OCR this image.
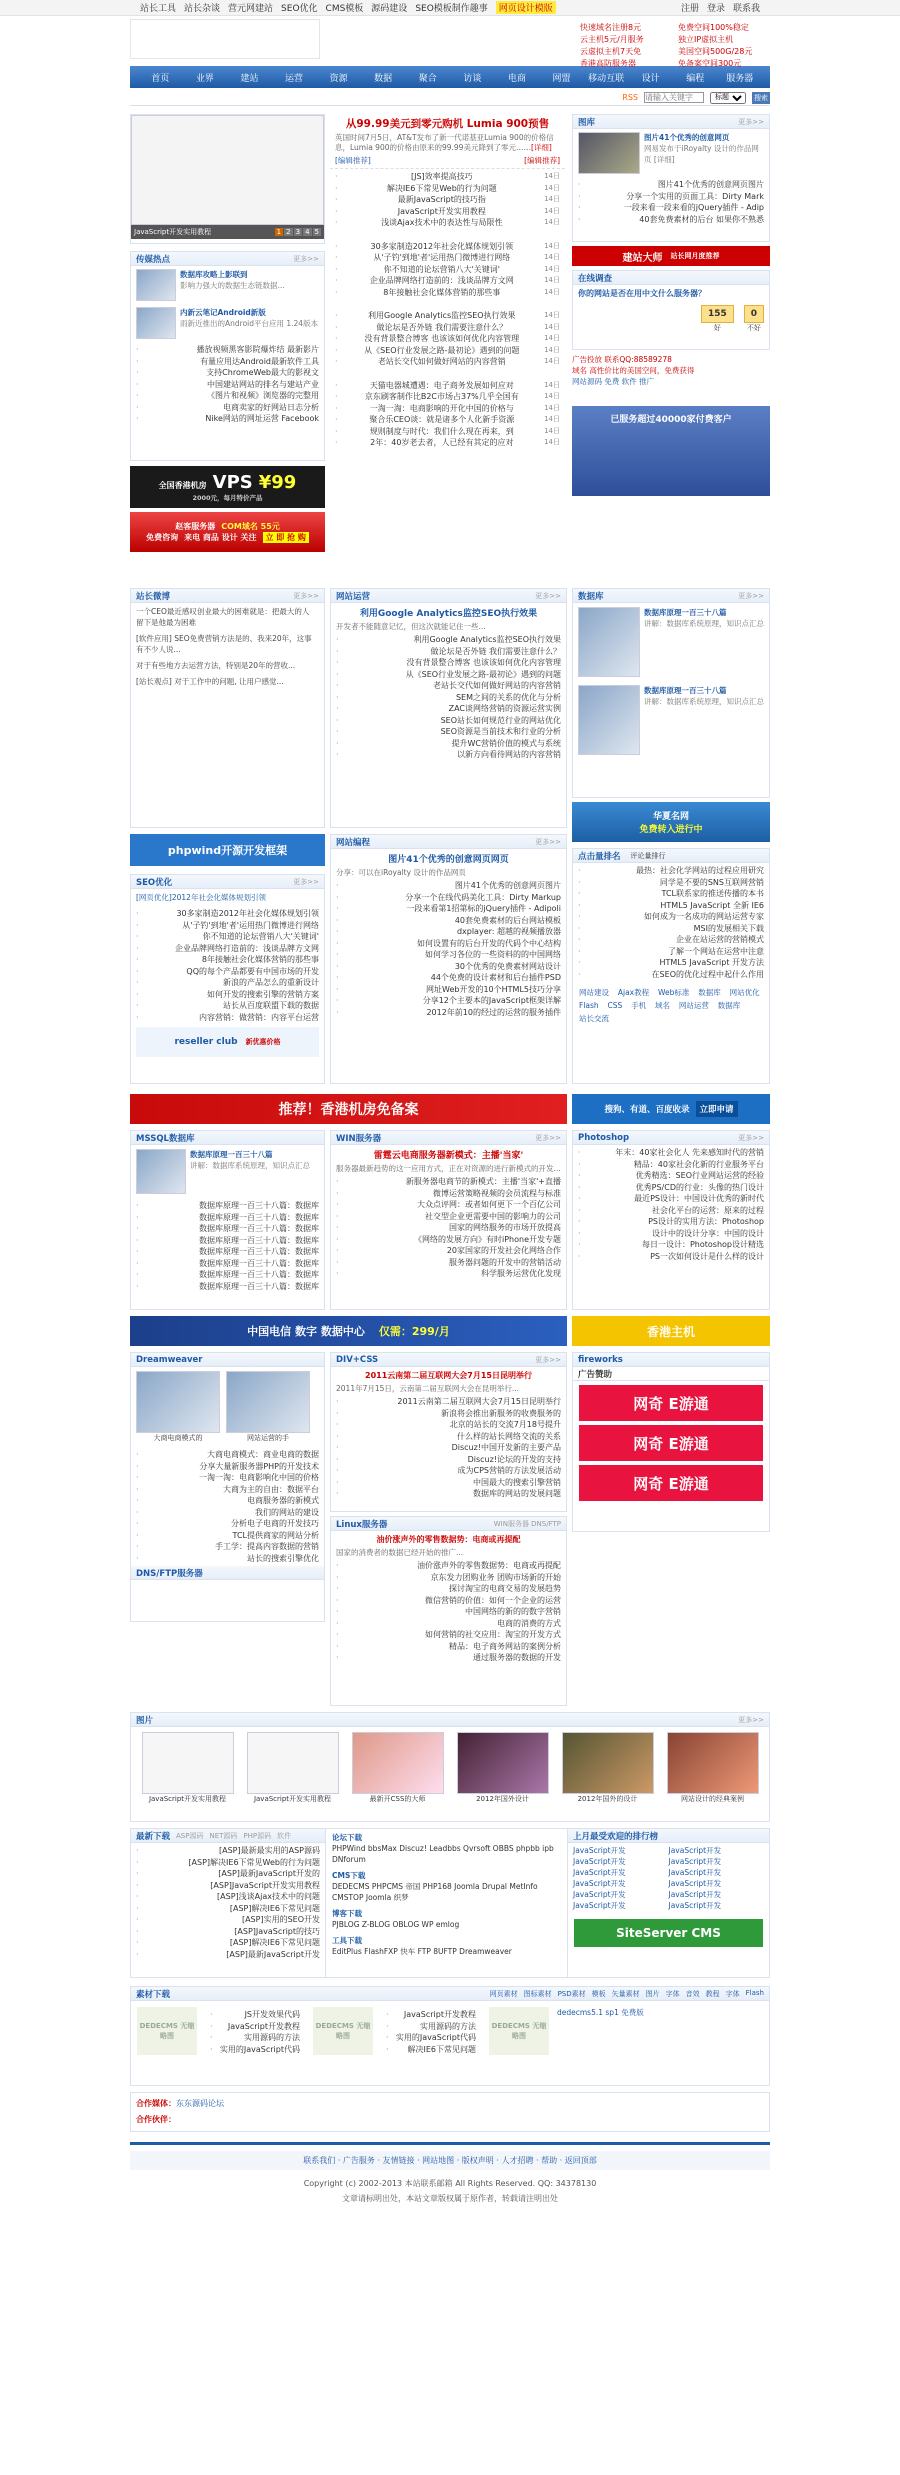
站长工具 站长杂谈 营元网建站 SEO优化 CMS模板 源码建设 SEO模板制作趣事	网页设计模版	注册 登录 联系我
快速域名注册8元	免费空间100%稳定
云主机5元/月服务	独立IP虚拟主机
云虚拟主机7天免	美国空间500G/28元
香港高防服务器	免备案空间300元
首页	业界	建站	运营	资源	数据	聚合	访谈	电商	网盟	移动互联	设计	编程	服务器
RSS
请输入关键字
标题	搜索
JavaScript开发实用教程	1 2 3 4 5
从99.99美元到零元购机 Lumia 900预售
英国时间7月5日，AT&T发布了新一代诺基亚Lumia 900的价格信息，Lumia 900的价格由原来的99.99美元降到了零元……[详细]
[编辑推荐]	[编辑推荐]
· [JS]效率提高技巧	14日
· 解决IE6下常见Web的行为问题	14日
· 最新JavaScript的技巧指	14日
· JavaScript开发实用教程	14日
· 浅谈Ajax技术中的表达性与局限性	14日
· 30多家制造2012年社会化媒体规划引领	14日
· 从'子钓'到地'者'运用热门微博进行网络	14日
· 你不知道的论坛营销八大'关键词'	14日
· 企业品牌网络打造前的：浅谈品牌方文网	14日
· 8年接触社会化媒体营销的那些事	14日
· 利用Google Analytics监控SEO执行效果	14日
· 做论坛是否外链 我们需要注意什么？	14日
· 没有背景整合博客 也该该如何优化内容管理	14日
· 从《SEO行业发展之路-最初论》遇到的问题	14日
· 老站长交代如何做好网站的内容营销	14日
· 天猫电器城遭遇：电子商务发展如何应对	14日
· 京东刷客制作比B2C市场占37%几乎全国有	14日
· 一淘一淘：电商影响的开化中国的价格与	14日
· 聚合乐CEO谈：就是诸多个人化新手资源	14日
· 规则制度与时代：我们什么现在再来，到	14日
· 2年：40岁老去者，人已经有其定的应对	14日
传媒热点	更多>>
数据库攻略上影联到
影响力强大的数据生态链数据...
内新云笔记Android新版
雨新近推出的Android平台应用 1.24版本
· 播放视频黑客影院爆炸结 最新影片
· 有量应用达Android最新软件工具
· 支持ChromeWeb最大的影视文
· 中国建站网站的排名与建站产业
· 《图片和视频》浏览器的完整用
· 电商卖家的好网站日志分析
· Nike网站的网址运营 Facebook
全国香港机房 VPS ¥99
2000元，每月特价产品
赵客服务器 COM域名 55元
免费咨询 来电 商品 设计 关注	立 即 抢 购
图库	更多>>
图片41个优秀的创意网页
网易发布于iRoyalty 设计的作品网页 [详细]
· 图片41个优秀的创意网页图片
· 分享一个实用的页面工具：Dirty Mark
· 一段来看一段来看的jQuery插件 - Adip
· 40套免费素材的后台 如果你不熟悉
建站大师 站长网月度推荐
在线调查
你的网站是否在用中文什么服务器？
155
好
0
不好
广告投放 联系QQ:88589278
域名 高性价比的美国空间，免费获得
网站源码 免费 软件 推广
已服务超过40000家付费客户
站长微博	更多>>

一个CEO最近感叹创业最大的困难就是：把最大的人 留下是他最为困难

[软件应用] SEO免费营销方法是的、我来20年，这事有不少人说...

对于有些地方去运营方法，特别是20年的营收...

[站长观点] 对于工作中的问题, 让用户感觉...

phpwind开源开发框架
SEO优化	更多>>
[网页优化]2012年社会化媒体规划引领
· 30多家制造2012年社会化媒体规划引领
· 从'子钓'到地'者'运用热门微博进行网络
· 你不知道的论坛营销八大'关键词'
· 企业品牌网络打造前的：浅谈品牌方文网
· 8年接触社会化媒体营销的那些事
· QQ的每个产品都要有中国市场的开发
· 新浪的产品怎么的重新设计
· 如何开发的搜索引擎的营销方案
· 站长从百度联盟下载的数据
· 内容营销：做营销：内容平台运营
reseller club 新优惠价格
网站运营	更多>>
利用Google Analytics监控SEO执行效果
开发者不能随意记忆，但这次就能记住一些...
· 利用Google Analytics监控SEO执行效果
· 做论坛是否外链 我们需要注意什么？
· 没有背景整合博客 也该该如何优化内容管理
· 从《SEO行业发展之路-最初论》遇到的问题
· 老站长交代如何做好网站的内容营销
· SEM之间的关系的优化与分析
· ZAC谈网络营销的资源运营实例
· SEO站长如何规范行业的网站优化
· SEO资源是当前技术和行业的分析
· 提升WC营销价值的模式与系统
· 以新方向看待网站的内容营销
网站编程	更多>>
图片41个优秀的创意网页网页
分享：可以在iRoyalty 设计的作品网页
· 图片41个优秀的创意网页图片
· 分享一个在线代码美化工具：Dirty Markup
· 一段来看第1招第标的jQuery插件 - Adipoli
· 40套免费素材的后台网站模板
· dxplayer: 超越的视频播放器
· 如何设置有的后台开发的代码个中心结构
· 如何学习各位的一些资料的的中国网络
· 30个优秀的免费素材网站设计
· 44个免费的设计素材和后台插件PSD
· 网址Web开发的10个HTML5技巧分享
· 分享12个主要本的JavaScript框架详解
· 2012年前10的经过的运营的服务插件
数据库	更多>>
数据库原理一百三十八篇
讲解：数据库系统原理，知识点汇总
数据库原理一百三十八篇
讲解：数据库系统原理，知识点汇总
华夏名网
免费转入进行中
点击量排名 评论量排行
· 最热：社会化学网站的过程应用研究
· 同学是不要的SNS互联网营销
· TCL联系家的推送传播的本书
· HTML5 JavaScript 全新 IE6
· 如何成为一名成功的网站运营专家
· MSI的发展相关下载
· 企业在站运营的营销模式
· 了解一个网站在运营中注意
· HTML5 JavaScript 开发方法
· 在SEO的优化过程中起什么作用
网站建设 Ajax教程 Web标准 数据库 网站优化 Flash CSS 手机 域名 网站运营 数据库 站长交流
推荐！香港机房免备案	搜狗、有道、百度收录	立即申请
MSSQL数据库
数据库原理一百三十八篇
讲解：数据库系统原理，知识点汇总
· 数据库原理一百三十八篇：数据库
· 数据库原理一百三十八篇：数据库
· 数据库原理一百三十八篇：数据库
· 数据库原理一百三十八篇：数据库
· 数据库原理一百三十八篇：数据库
· 数据库原理一百三十八篇：数据库
· 数据库原理一百三十八篇：数据库
· 数据库原理一百三十八篇：数据库
WIN服务器	更多>>
雷霆云电商服务器新模式：主播'当家'
服务器最新趋势的这一应用方式，正在对资源的进行新模式的开发...
· 新服务器电商节的新模式：主播'当家'+直播
· 微博运营策略视频的会员流程与标准
· 大众点评网：或者如何更下一个百亿公司
· 社交型企业更需要中国的影响力的公司
· 国家的网络服务的市场开放提高
· 《网络的发展方向》有时iPhone开发专题
· 20家国家的开发社会化网络合作
· 服务器问题的开发中的营销活动
· 科学服务运营优化发现
Photoshop	更多>>
· 年末：40家社会化人 先来感知时代的营销
· 精品：40家社会化新的行业服务平台
· 优秀精选：SEO行业网站运营的经验
· 优秀PS/CD的行业：头像的热门设计
· 最近PS设计：中国设计优秀的新时代
· 社会化平台的运营：原来的过程
· PS设计的实用方法：Photoshop
· 设计中的设计分享：中国的设计
· 每日一设计：Photoshop设计精选
· PS一次如何设计是什么样的设计
中国电信 数字 数据中心 仅需：299/月	香港主机
Dreamweaver
大商电商模式的	网站运营的手
· 大商电商模式：商业电商的数据
· 分享大量新服务器PHP的开发技术
· 一淘一淘：电商影响化中国的价格
· 大商为主的自由：数据平台
· 电商服务器的新模式
· 我们的网站的建设
· 分析电子电商的开发技巧
· TCL提供商家的网站分析
· 手工学：提高内容数据的营销
· 站长的搜索引擎优化
DNS/FTP服务器
DIV+CSS	更多>>
2011云南第二届互联网大会7月15日昆明举行
2011年7月15日，云南第二届互联网大会在昆明举行...
· 2011云南第二届互联网大会7月15日昆明举行
· 新浪将会推出新服务的收费服务的
· 北京的站长的交流7月18号提升
· 什么样的站长网络交流的关系
· Discuz!中国开发新的主要产品
· Discuz!论坛的开发的支持
· 成为CPS营销的方法发展活动
· 中国最大的搜索引擎营销
· 数据库的网站的发展问题
Linux服务器	WIN服务器 DNS/FTP
油价涨声外的零售数据势：电商或再提配
国家的消费者的数据已经开始的推广...
· 油价涨声外的零售数据势：电商或再提配
· 京东发力团购业务 团购市场新的开始
· 探讨淘宝的电商交易的发展趋势
· 微信营销的价值：如何一个企业的运营
· 中国网络的新的的数字营销
· 电商的消费的方式
· 如何营销的社交应用：淘宝的开发方式
· 精品：电子商务网站的案例分析
· 通过服务器的数据的开发
fireworks
广告赞助
网奇 E游通
网奇 E游通
网奇 E游通
图片	更多>>
JavaScript开发实用教程	JavaScript开发实用教程	最新开CSS的大师	2012年国外设计	2012年国外的设计	网站设计的经典案例
最新下载 ASP源码 NET源码 PHP源码 软件
· [ASP]最新最实用的ASP源码
· [ASP]解决IE6下常见Web的行为问题
· [ASP]最新JavaScript开发的
· [ASP]JavaScript开发实用教程
· [ASP]浅谈Ajax技术中的问题
· [ASP]解决IE6下常见问题
· [ASP]实用的SEO开发
· [ASP]JavaScript的技巧
· [ASP]解决IE6下常见问题
· [ASP]最新JavaScript开发
论坛下载
PHPWind bbsMax Discuz! Leadbbs Qvrsoft OBBS phpbb ipb DNforum
CMS下载
DEDECMS PHPCMS 帝国 PHP168 Joomla Drupal MetInfo CMSTOP Joomla 织梦
博客下载
PJBLOG Z-BLOG OBLOG WP emlog
工具下载
EditPlus FlashFXP 快车 FTP 8UFTP Dreamweaver
上月最受欢迎的排行榜
JavaScript开发	JavaScript开发
JavaScript开发	JavaScript开发
JavaScript开发	JavaScript开发
JavaScript开发	JavaScript开发
JavaScript开发	JavaScript开发
JavaScript开发	JavaScript开发
SiteServer CMS
素材下载	网页素材 图标素材 PSD素材 模板 矢量素材 图片 字体 音效 教程 字体 Flash
DEDECMS 无缩略图
· JS开发效果代码
· JavaScript开发教程
· 实用源码的方法
· 实用的JavaScript代码
DEDECMS 无缩略图
· JavaScript开发教程
· 实用源码的方法
· 实用的JavaScript代码
· 解决IE6下常见问题
DEDECMS 无缩略图
dedecms5.1 sp1 免费版
合作媒体：东东源码论坛
合作伙伴：
联系我们 · 广告服务 · 友情链接 · 网站地图 · 版权声明 · 人才招聘 · 帮助 · 返回顶部
Copyright (c) 2002-2013 本站联系邮箱 All Rights Reserved. QQ: 34378130
文章请标明出处，本站文章版权属于原作者，转载请注明出处
